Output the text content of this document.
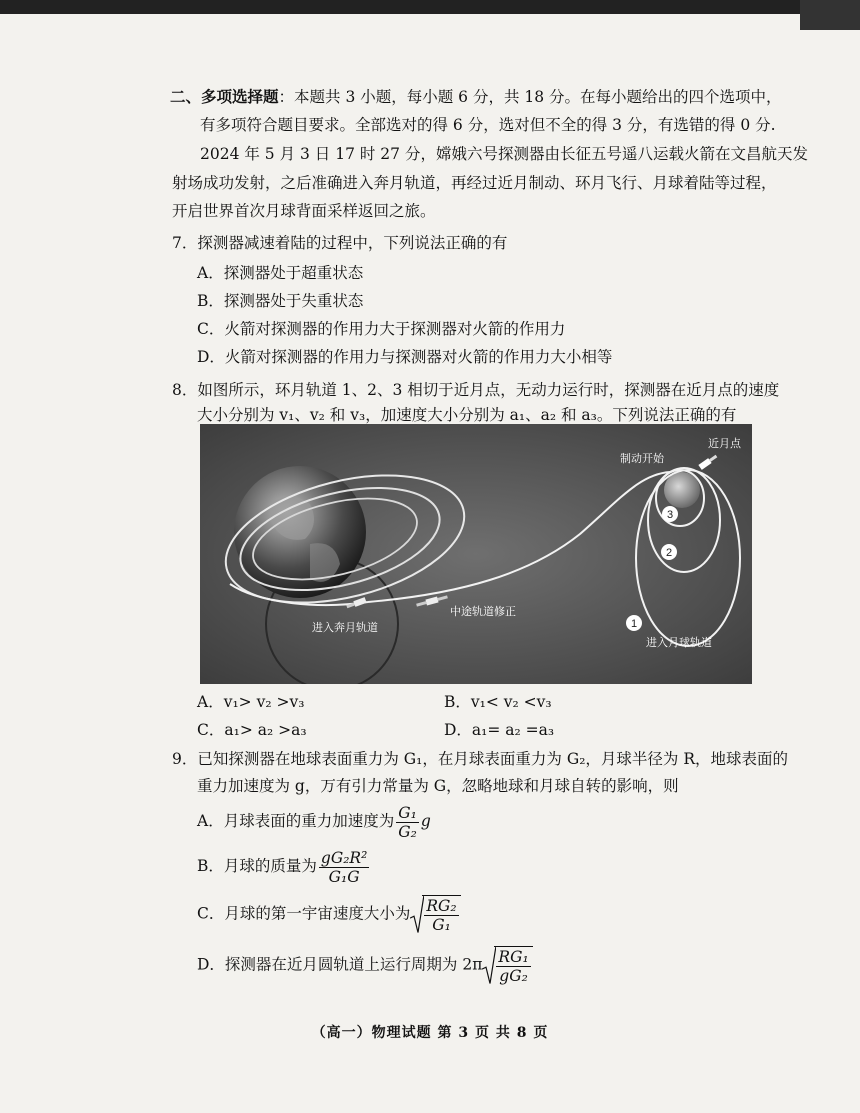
二、多项选择题：本题共 3 小题，每小题 6 分，共 18 分。在每小题给出的四个选项中，
有多项符合题目要求。全部选对的得 6 分，选对但不全的得 3 分，有选错的得 0 分.
2024 年 5 月 3 日 17 时 27 分，嫦娥六号探测器由长征五号遥八运载火箭在文昌航天发
射场成功发射，之后准确进入奔月轨道，再经过近月制动、环月飞行、月球着陆等过程，
开启世界首次月球背面采样返回之旅。
7．探测器减速着陆的过程中，下列说法正确的有
A．探测器处于超重状态
B．探测器处于失重状态
C．火箭对探测器的作用力大于探测器对火箭的作用力
D．火箭对探测器的作用力与探测器对火箭的作用力大小相等
8．如图所示，环月轨道 1、2、3 相切于近月点，无动力运行时，探测器在近月点的速度
大小分别为 v₁、v₂ 和 v₃，加速度大小分别为 a₁、a₂ 和 a₃。下列说法正确的有
近月点
制动开始
中途轨道修正
进入奔月轨道
进入月球轨道
1
2
3
A．v₁> v₂ >v₃	B．v₁< v₂ <v₃
C．a₁> a₂ >a₃	D．a₁= a₂ =a₃
9．已知探测器在地球表面重力为 G₁，在月球表面重力为 G₂，月球半径为 R，地球表面的
重力加速度为 g，万有引力常量为 G，忽略地球和月球自转的影响，则
A．月球表面的重力加速度为 $\frac{\text{G₁}}{\text{G₂}}$ g
B．月球的质量为 $\frac{\text{gG₂R²}}{\text{G₁G}}$
C．月球的第一宇宙速度大小为 $\frac{\text{RG₂}}{\text{G₁}}$
D．探测器在近月圆轨道上运行周期为 $2\pi \frac{\text{RG₁}}{\text{gG₂}}$
（高一）物理试题 第 3 页 共 8 页
